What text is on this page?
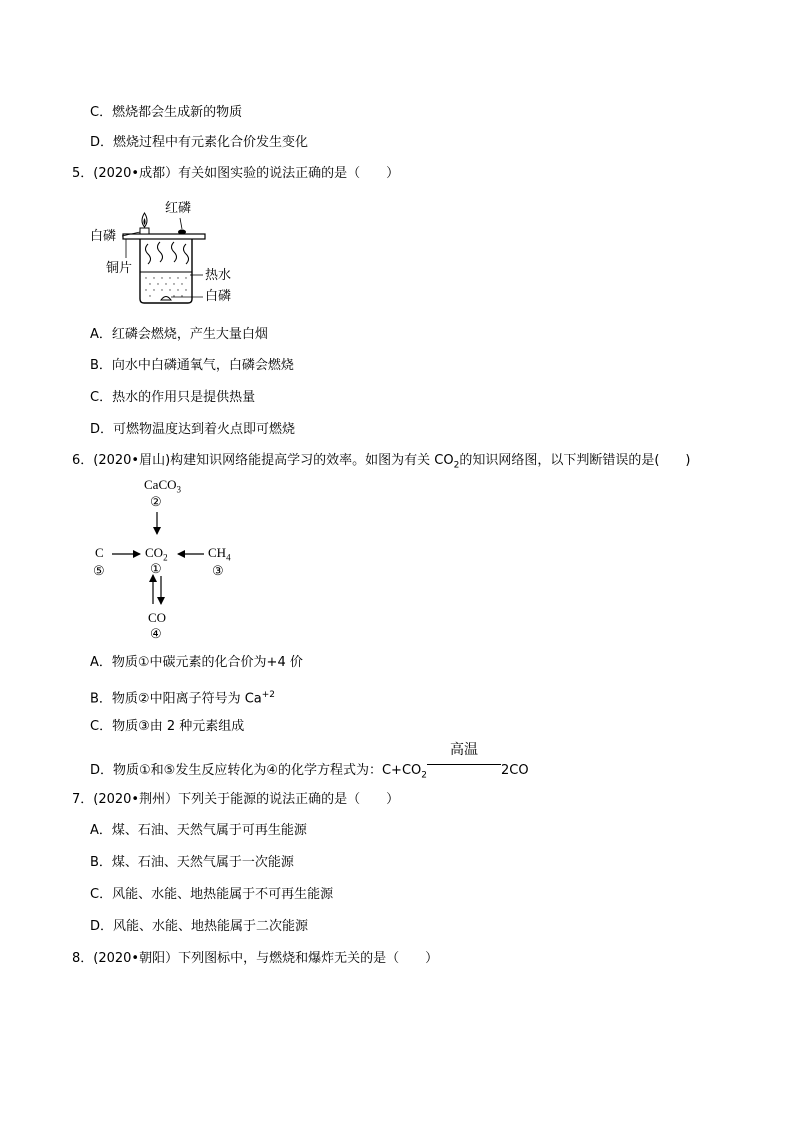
C．燃烧都会生成新的物质
D．燃烧过程中有元素化合价发生变化
5．(2020•成都）有关如图实验的说法正确的是（　　）
红磷
白磷
铜片	热水
白磷
A．红磷会燃烧，产生大量白烟
B．向水中白磷通氧气，白磷会燃烧
C．热水的作用只是提供热量
D．可燃物温度达到着火点即可燃烧
6．(2020•眉山)构建知识网络能提高学习的效率。如图为有关 $CO_2$的知识网络图，以下判断错误的是(　　)
CaCO$_3$
②
C
⑤
$CO_2$
①
$CH_4$
③
CO
④
A．物质①中碳元素的化合价为+4 价
B．物质②中阳离子符号为 $Ca^{+2}$
C．物质③由 2 种元素组成
D．物质①和⑤发生反应转化为④的化学方程式为：$C+CO_2$
高温
2CO
7．(2020•荆州）下列关于能源的说法正确的是（　　）
A．煤、石油、天然气属于可再生能源
B．煤、石油、天然气属于一次能源
C．风能、水能、地热能属于不可再生能源
D．风能、水能、地热能属于二次能源
8．(2020•朝阳）下列图标中，与燃烧和爆炸无关的是（　　）
